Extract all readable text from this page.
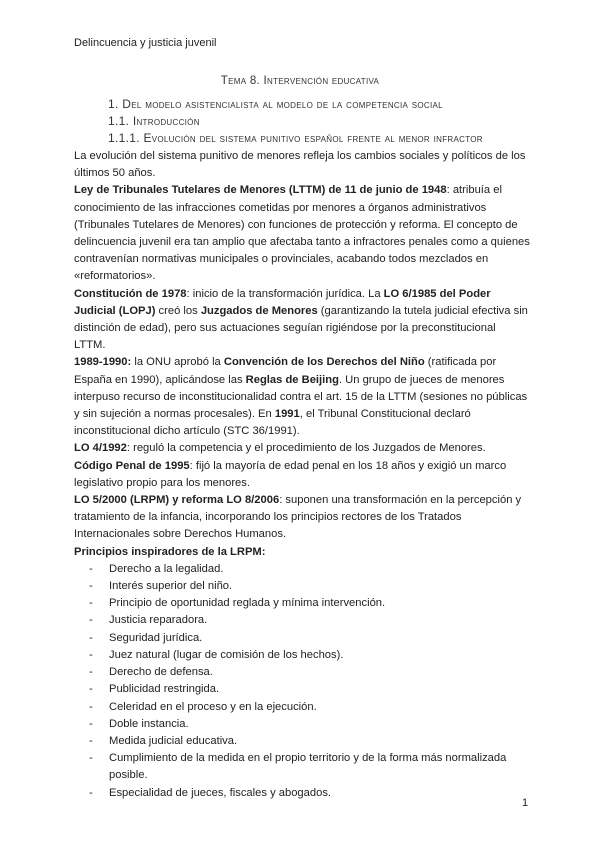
Delincuencia y justicia juvenil
Tema 8. Intervención educativa
1. Del modelo asistencialista al modelo de la competencia social
1.1. Introducción
1.1.1. Evolución del sistema punitivo español frente al menor infractor

La evolución del sistema punitivo de menores refleja los cambios sociales y políticos de los últimos 50 años.

Ley de Tribunales Tutelares de Menores (LTTM) de 11 de junio de 1948: atribuía el conocimiento de las infracciones cometidas por menores a órganos administrativos (Tribunales Tutelares de Menores) con funciones de protección y reforma. El concepto de delincuencia juvenil era tan amplio que afectaba tanto a infractores penales como a quienes contravenían normativas municipales o provinciales, acabando todos mezclados en «reformatorios».

Constitución de 1978: inicio de la transformación jurídica. La LO 6/1985 del Poder Judicial (LOPJ) creó los Juzgados de Menores (garantizando la tutela judicial efectiva sin distinción de edad), pero sus actuaciones seguían rigiéndose por la preconstitucional LTTM.

1989-1990: la ONU aprobó la Convención de los Derechos del Niño (ratificada por España en 1990), aplicándose las Reglas de Beijing. Un grupo de jueces de menores interpuso recurso de inconstitucionalidad contra el art. 15 de la LTTM (sesiones no públicas y sin sujeción a normas procesales). En 1991, el Tribunal Constitucional declaró inconstitucional dicho artículo (STC 36/1991).

LO 4/1992: reguló la competencia y el procedimiento de los Juzgados de Menores.

Código Penal de 1995: fijó la mayoría de edad penal en los 18 años y exigió un marco legislativo propio para los menores.

LO 5/2000 (LRPM) y reforma LO 8/2006: suponen una transformación en la percepción y tratamiento de la infancia, incorporando los principios rectores de los Tratados Internacionales sobre Derechos Humanos.

Principios inspiradores de la LRPM:

- Derecho a la legalidad.
- Interés superior del niño.
- Principio de oportunidad reglada y mínima intervención.
- Justicia reparadora.
- Seguridad jurídica.
- Juez natural (lugar de comisión de los hechos).
- Derecho de defensa.
- Publicidad restringida.
- Celeridad en el proceso y en la ejecución.
- Doble instancia.
- Medida judicial educativa.
- Cumplimiento de la medida en el propio territorio y de la forma más normalizada posible.
- Especialidad de jueces, fiscales y abogados.
1
